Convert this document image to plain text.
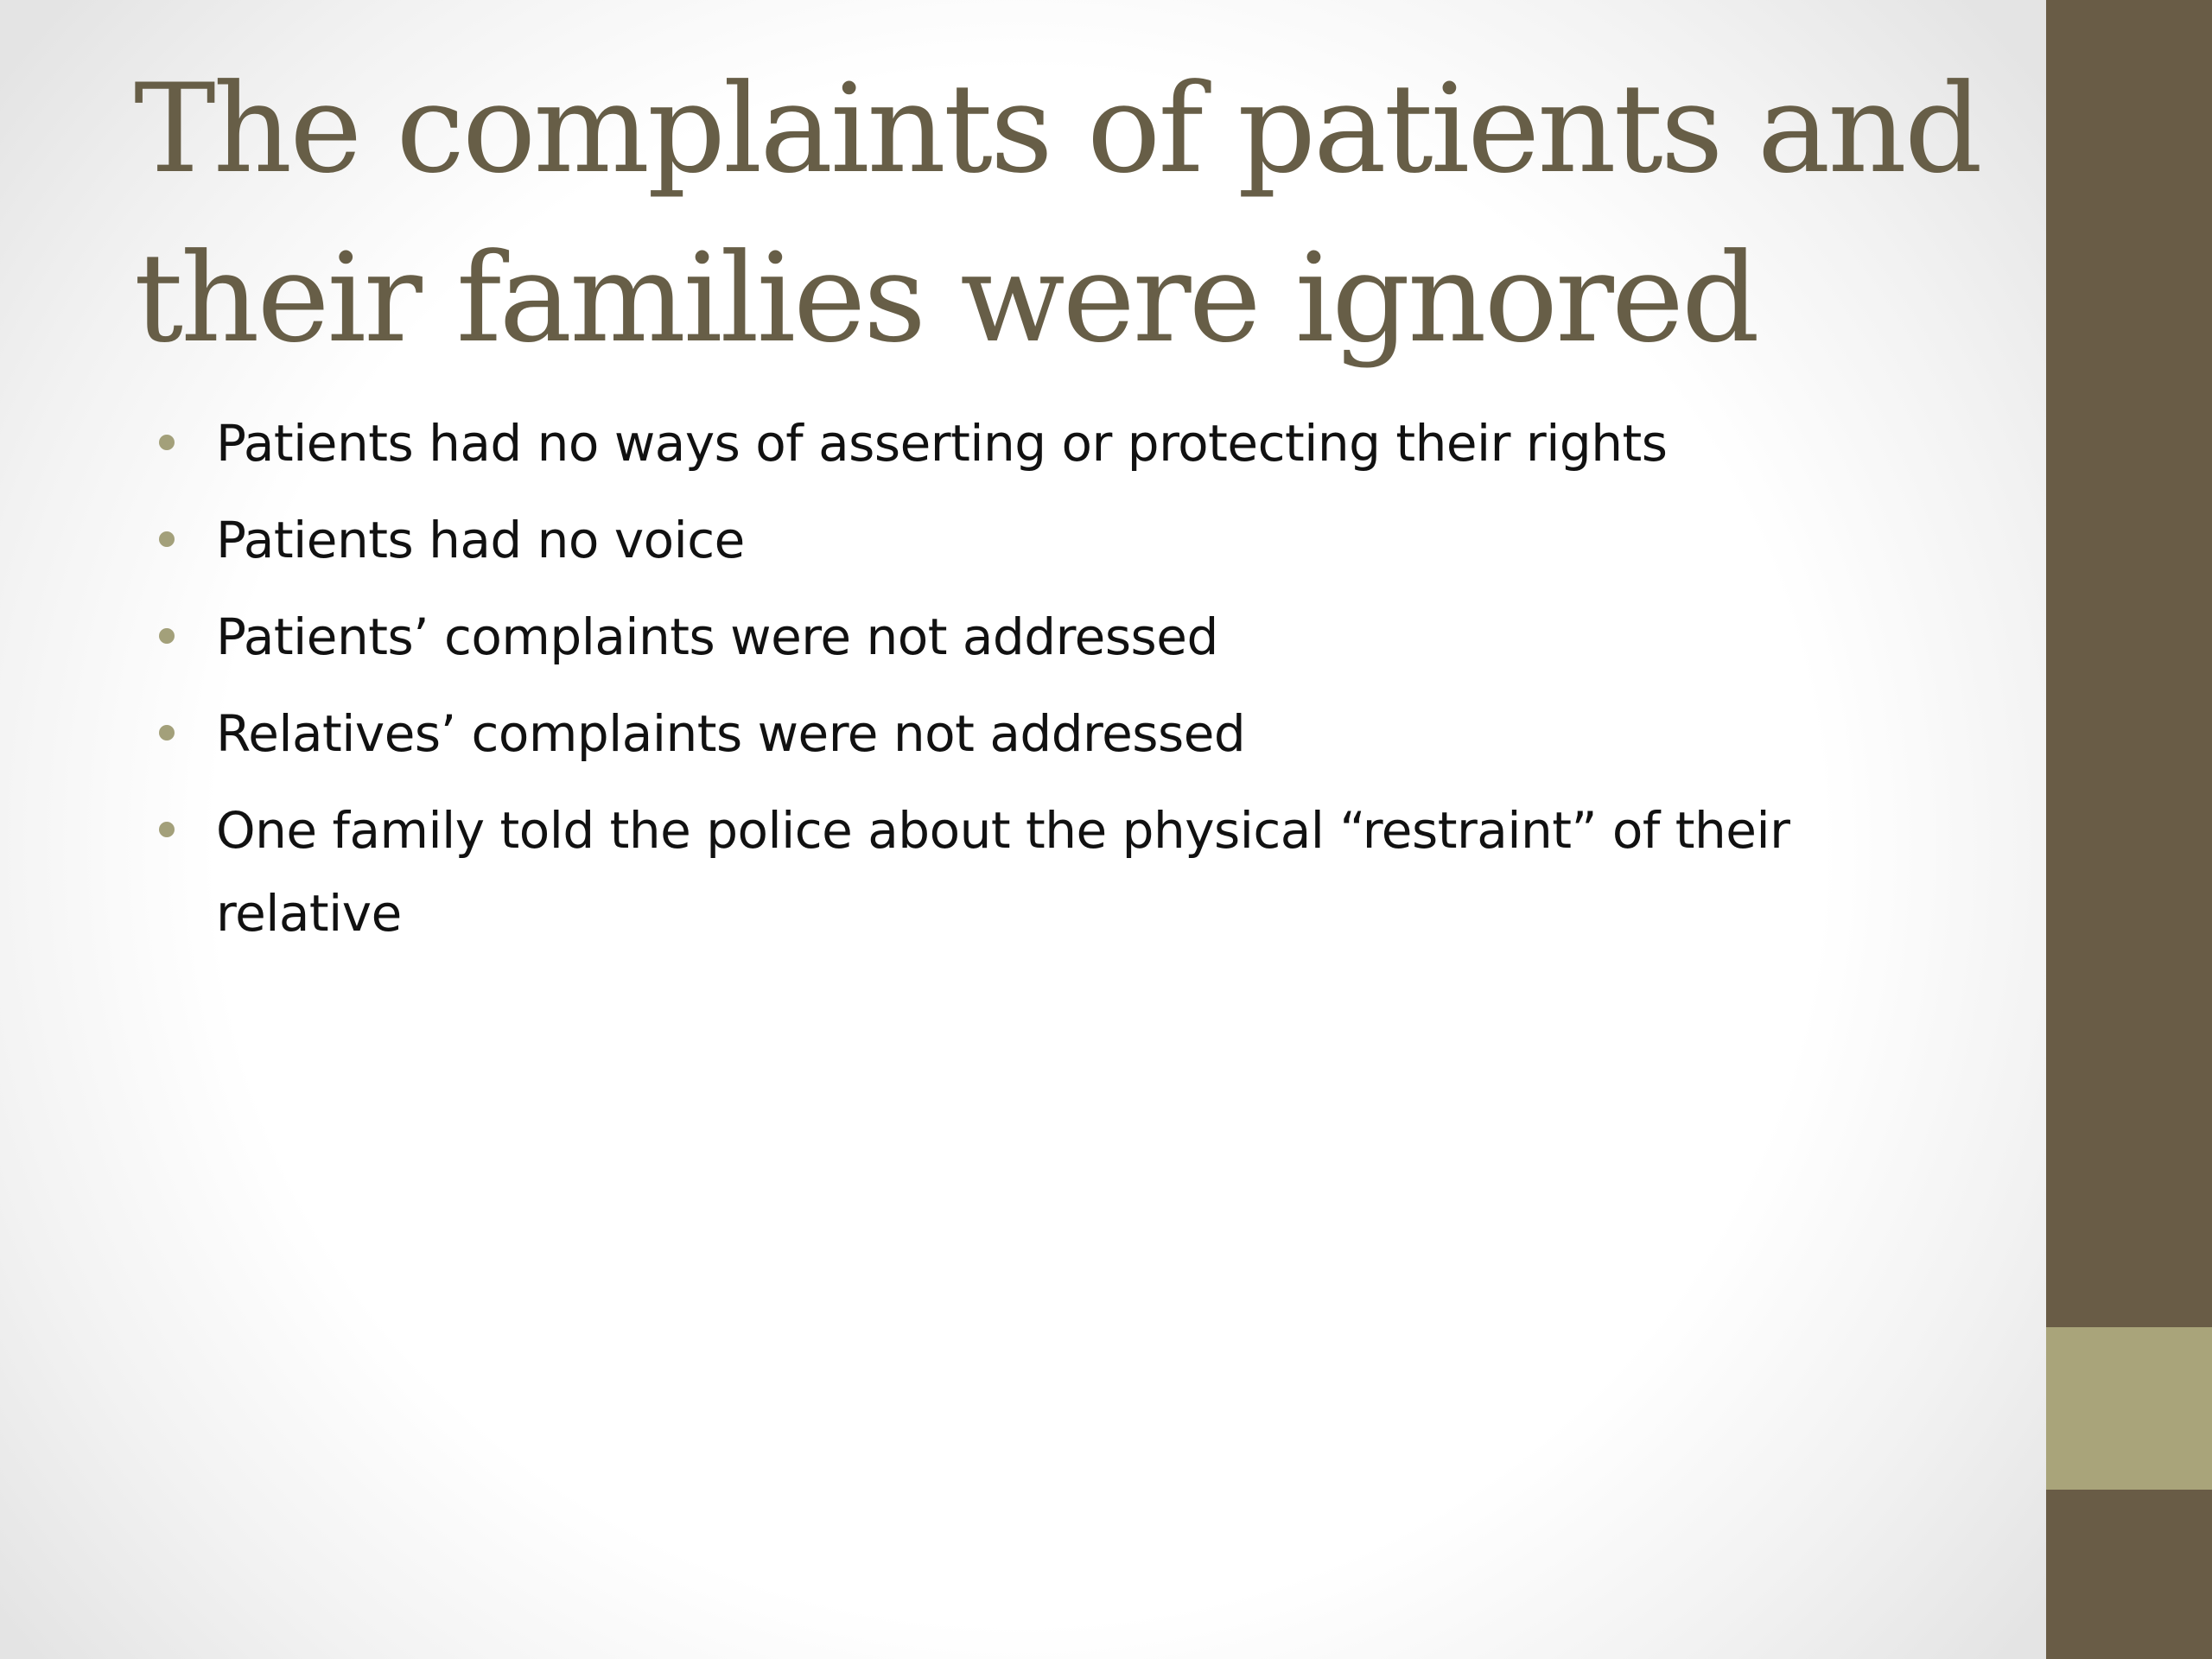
The complaints of patients and their families were ignored
Patients had no ways of asserting or protecting their rights
Patients had no voice
Patients’ complaints were not addressed
Relatives’ complaints were not addressed
One family told the police about the physical “restraint” of their relative
